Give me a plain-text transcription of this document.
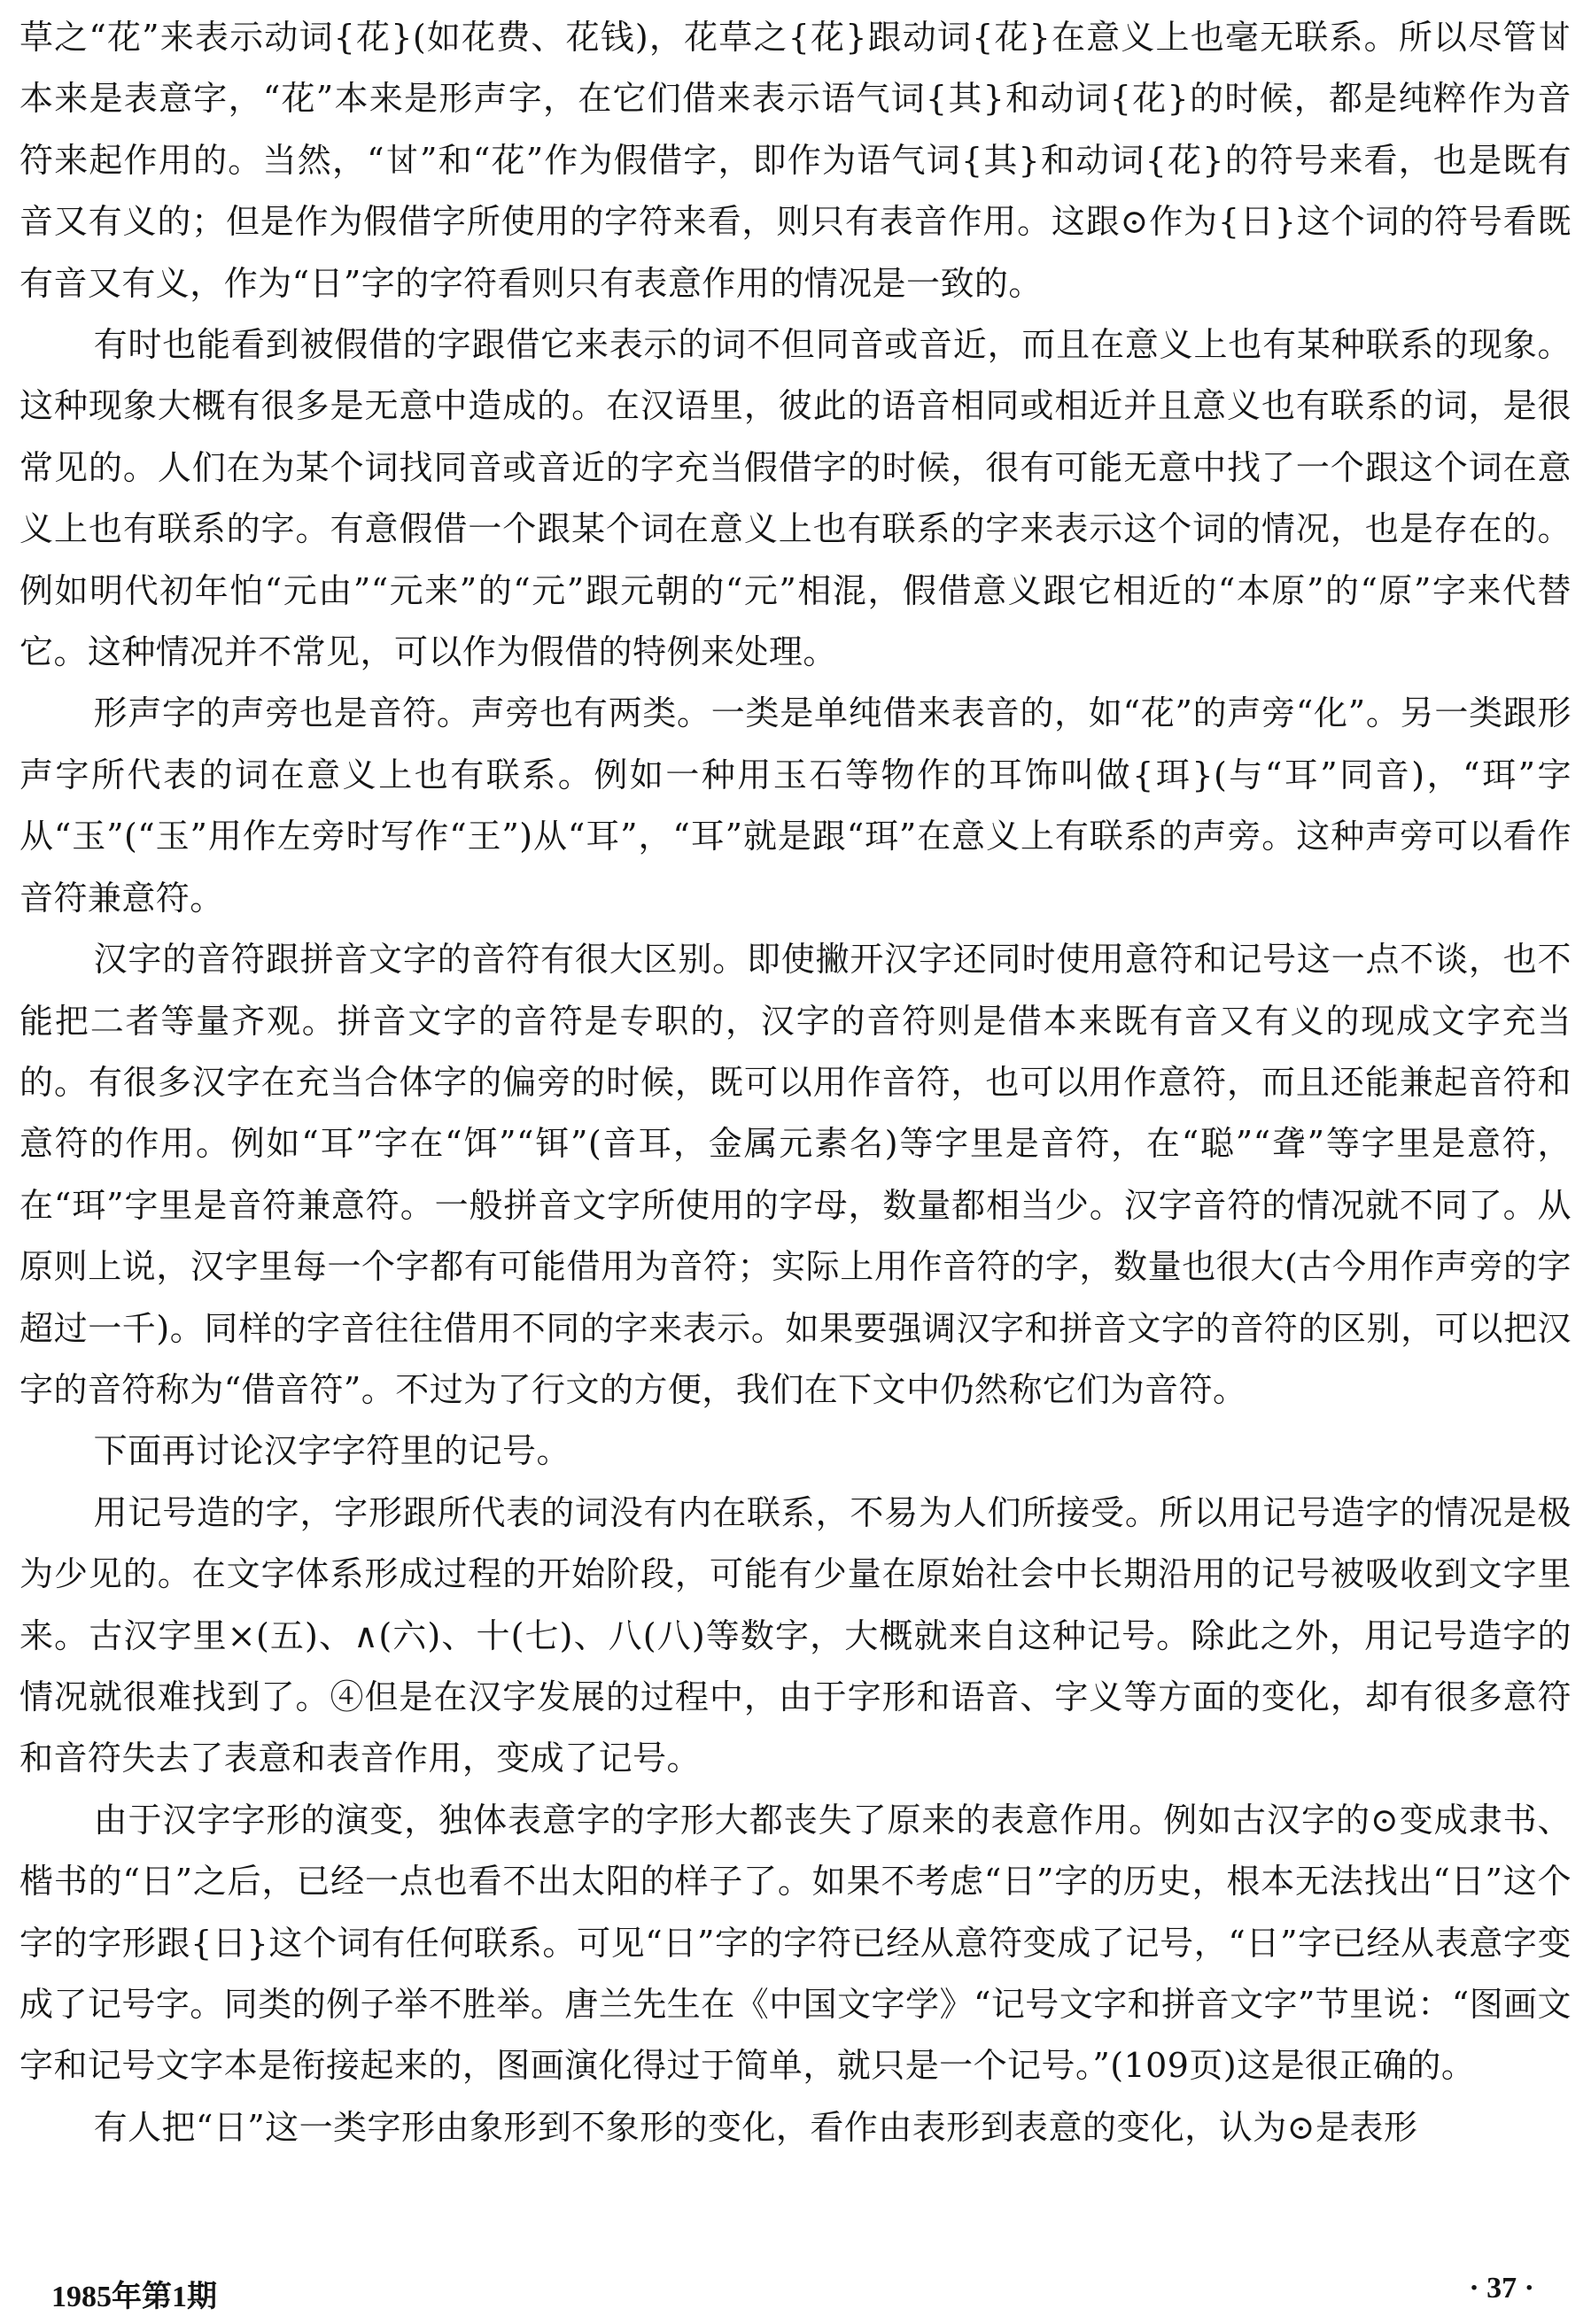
草之“花”来表示动词{花}(如花费、花钱)，花草之{花}跟动词{花}在意义上也毫无联系。所以尽管𠀠本来是表意字，“花”本来是形声字，在它们借来表示语气词{其}和动词{花}的时候，都是纯粹作为音符来起作用的。当然，“𠀠”和“花”作为假借字，即作为语气词{其}和动词{花}的符号来看，也是既有音又有义的；但是作为假借字所使用的字符来看，则只有表音作用。这跟⊙作为{日}这个词的符号看既有音又有义，作为“日”字的字符看则只有表意作用的情况是一致的。

有时也能看到被假借的字跟借它来表示的词不但同音或音近，而且在意义上也有某种联系的现象。这种现象大概有很多是无意中造成的。在汉语里，彼此的语音相同或相近并且意义也有联系的词，是很常见的。人们在为某个词找同音或音近的字充当假借字的时候，很有可能无意中找了一个跟这个词在意义上也有联系的字。有意假借一个跟某个词在意义上也有联系的字来表示这个词的情况，也是存在的。例如明代初年怕“元由”“元来”的“元”跟元朝的“元”相混，假借意义跟它相近的“本原”的“原”字来代替它。这种情况并不常见，可以作为假借的特例来处理。

形声字的声旁也是音符。声旁也有两类。一类是单纯借来表音的，如“花”的声旁“化”。另一类跟形声字所代表的词在意义上也有联系。例如一种用玉石等物作的耳饰叫做{珥}(与“耳”同音)，“珥”字从“玉”(“玉”用作左旁时写作“王”)从“耳”，“耳”就是跟“珥”在意义上有联系的声旁。这种声旁可以看作音符兼意符。

汉字的音符跟拼音文字的音符有很大区别。即使撇开汉字还同时使用意符和记号这一点不谈，也不能把二者等量齐观。拼音文字的音符是专职的，汉字的音符则是借本来既有音又有义的现成文字充当的。有很多汉字在充当合体字的偏旁的时候，既可以用作音符，也可以用作意符，而且还能兼起音符和意符的作用。例如“耳”字在“饵”“铒”(音耳，金属元素名)等字里是音符，在“聪”“聋”等字里是意符，在“珥”字里是音符兼意符。一般拼音文字所使用的字母，数量都相当少。汉字音符的情况就不同了。从原则上说，汉字里每一个字都有可能借用为音符；实际上用作音符的字，数量也很大(古今用作声旁的字超过一千)。同样的字音往往借用不同的字来表示。如果要强调汉字和拼音文字的音符的区别，可以把汉字的音符称为“借音符”。不过为了行文的方便，我们在下文中仍然称它们为音符。

下面再讨论汉字字符里的记号。

用记号造的字，字形跟所代表的词没有内在联系，不易为人们所接受。所以用记号造字的情况是极为少见的。在文字体系形成过程的开始阶段，可能有少量在原始社会中长期沿用的记号被吸收到文字里来。古汉字里×(五)、∧(六)、十(七)、八(八)等数字，大概就来自这种记号。除此之外，用记号造字的情况就很难找到了。④但是在汉字发展的过程中，由于字形和语音、字义等方面的变化，却有很多意符和音符失去了表意和表音作用，变成了记号。

由于汉字字形的演变，独体表意字的字形大都丧失了原来的表意作用。例如古汉字的⊙变成隶书、楷书的“日”之后，已经一点也看不出太阳的样子了。如果不考虑“日”字的历史，根本无法找出“日”这个字的字形跟{日}这个词有任何联系。可见“日”字的字符已经从意符变成了记号，“日”字已经从表意字变成了记号字。同类的例子举不胜举。唐兰先生在《中国文字学》“记号文字和拼音文字”节里说：“图画文字和记号文字本是衔接起来的，图画演化得过于简单，就只是一个记号。”(109页)这是很正确的。

有人把“日”这一类字形由象形到不象形的变化，看作由表形到表意的变化，认为⊙是表形

1985年第1期	· 37 ·
